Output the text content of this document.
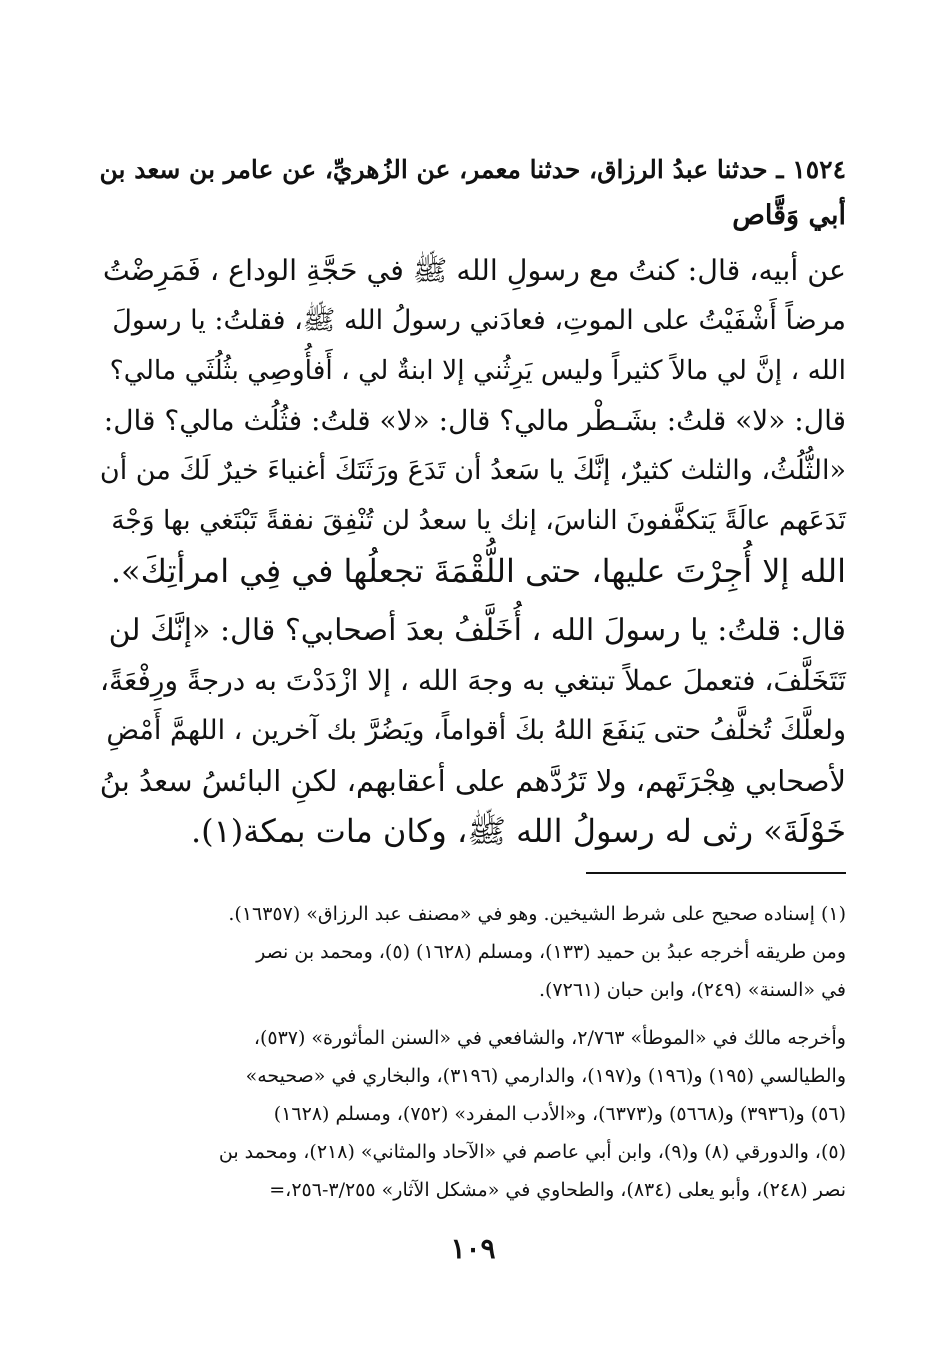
١٥٢٤ ـ حدثنا عبدُ الرزاق، حدثنا معمر، عن الزُهريِّ، عن عامر بن سعد بن
أبي وَقَّاص
عن أبيه، قال: كنتُ مع رسولِ الله ﷺ في حَجَّةِ الوداع ، فَمَرِضْتُ
مرضاً أَشْفَيْتُ على الموتِ، فعادَني رسولُ الله ﷺ، فقلتُ: يا رسولَ
الله ، إنَّ لي مالاً كثيراً وليس يَرِثُني إلا ابنةٌ لي ، أَفأُوصِي بثُلُثَي مالي؟
قال: «لا» قلتُ: بشَـطْر مالي؟ قال: «لا» قلتُ: فثُلُث مالي؟ قال:
«الثُّلُثُ، والثلث كثيرٌ، إنَّكَ يا سَعدُ أن تَدَعَ ورَثَتَكَ أغنياءَ خيرٌ لَكَ من أن
تَدَعَهم عالَةً يَتكفَّفونَ الناسَ، إنك يا سعدُ لن تُنْفِقَ نفقةً تَبْتَغي بها وَجْهَ
الله إلا أُجِرْتَ عليها، حتى اللُّقْمَةَ تجعلُها في فِي امرأتِكَ».
قال: قلتُ: يا رسولَ الله ، أُخَلَّفُ بعدَ أصحابي؟ قال: «إنَّكَ لن
تَتَخَلَّفَ، فتعملَ عملاً تبتغي به وجهَ الله ، إلا ازْدَدْتَ به درجةً ورِفْعَةً،
ولعلَّكَ تُخلَّفُ حتى يَنفَعَ اللهُ بكَ أقواماً، ويَضُرَّ بك آخرين ، اللهمَّ أَمْضِ
لأصحابي هِجْرَتَهم، ولا تَرُدَّهم على أعقابهم، لكنِ البائسُ سعدُ بنُ
خَوْلَةَ» رثى له رسولُ الله ﷺ، وكان مات بمكة(١).
(١) إسناده صحيح على شرط الشيخين. وهو في «مصنف عبد الرزاق» (١٦٣٥٧).
ومن طريقه أخرجه عبدُ بن حميد (١٣٣)، ومسلم (١٦٢٨) (٥)، ومحمد بن نصر
في «السنة» (٢٤٩)، وابن حبان (٧٢٦١).
وأخرجه مالك في «الموطأ» ٢/٧٦٣، والشافعي في «السنن المأثورة» (٥٣٧)،
والطيالسي (١٩٥) و(١٩٦) و(١٩٧)، والدارمي (٣١٩٦)، والبخاري في «صحيحه»
(٥٦) و(٣٩٣٦) و(٥٦٦٨) و(٦٣٧٣)، و«الأدب المفرد» (٧٥٢)، ومسلم (١٦٢٨)
(٥)، والدورقي (٨) و(٩)، وابن أبي عاصم في «الآحاد والمثاني» (٢١٨)، ومحمد بن
نصر (٢٤٨)، وأبو يعلى (٨٣٤)، والطحاوي في «مشكل الآثار» ٣/٢٥٥-٢٥٦،=
١٠٩
